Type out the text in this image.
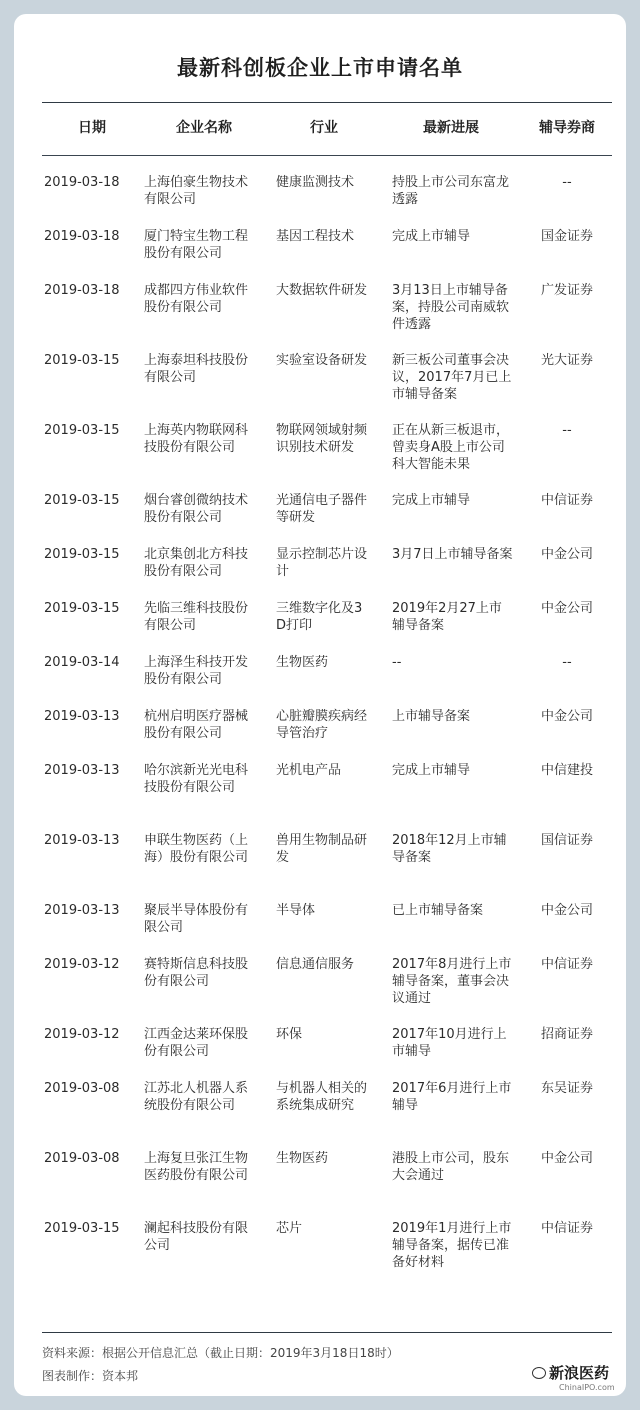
最新科创板企业上市申请名单
日期	企业名称	行业	最新进展	辅导券商
2019-03-18	上海伯豪生物技术有限公司	健康监测技术	持股上市公司东富龙透露	--

2019-03-18	厦门特宝生物工程股份有限公司	基因工程技术	完成上市辅导	国金证券

2019-03-18	成都四方伟业软件股份有限公司	大数据软件研发	3月13日上市辅导备案，持股公司南威软件透露	广发证券

2019-03-15	上海泰坦科技股份有限公司	实验室设备研发	新三板公司董事会决议，2017年7月已上市辅导备案	光大证券

2019-03-15	上海英内物联网科技股份有限公司	物联网领域射频识别技术研发	正在从新三板退市，曾卖身A股上市公司科大智能未果	--

2019-03-15	烟台睿创微纳技术股份有限公司	光通信电子器件等研发	完成上市辅导	中信证券

2019-03-15	北京集创北方科技股份有限公司	显示控制芯片设计	3月7日上市辅导备案	中金公司

2019-03-15	先临三维科技股份有限公司	三维数字化及3D打印	2019年2月27上市辅导备案	中金公司

2019-03-14	上海泽生科技开发股份有限公司	生物医药	--	--

2019-03-13	杭州启明医疗器械股份有限公司	心脏瓣膜疾病经导管治疗	上市辅导备案	中金公司

2019-03-13	哈尔滨新光光电科技股份有限公司	光机电产品	完成上市辅导	中信建投

2019-03-13	申联生物医药（上海）股份有限公司	兽用生物制品研发	2018年12月上市辅导备案	国信证券

2019-03-13	聚辰半导体股份有限公司	半导体	已上市辅导备案	中金公司

2019-03-12	赛特斯信息科技股份有限公司	信息通信服务	2017年8月进行上市辅导备案，董事会决议通过	中信证券

2019-03-12	江西金达莱环保股份有限公司	环保	2017年10月进行上市辅导	招商证券

2019-03-08	江苏北人机器人系统股份有限公司	与机器人相关的系统集成研究	2017年6月进行上市辅导	东吴证券

2019-03-08	上海复旦张江生物医药股份有限公司	生物医药	港股上市公司，股东大会通过	中金公司

2019-03-15	澜起科技股份有限公司	芯片	2019年1月进行上市辅导备案，据传已准备好材料	中信证券
资料来源：根据公开信息汇总（截止日期：2019年3月18日18时）
图表制作：资本邦	新浪医药
ChinaIPO.com
